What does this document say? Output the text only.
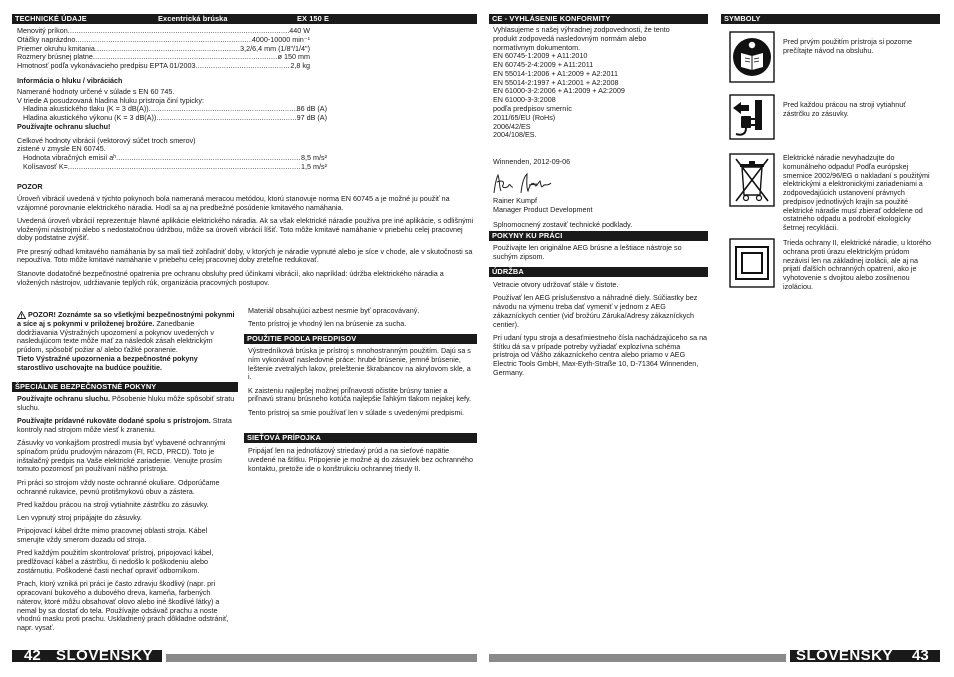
TECHNICKÉ ÚDAJE	Excentrická brúska	EX 150 E
Menovitý príkon .....	440 W
Otáčky naprázdno .....	4000-10000 min⁻¹
Priemer okruhu kmitania .....	3,2/6,4 mm (1/8"/1/4")
Rozmery brúsnej platne .....	ø 150 mm
Hmotnosť podľa vykonávacieho predpisu EPTA 01/2003 .....	2,8 kg
Informácia o hluku / vibráciách
Namerané hodnoty určené v súlade s EN 60 745.
V triede A posudzovaná hladina hluku prístroja činí typicky:
Hladina akustického tlaku (K = 3 dB(A)) .....	86 dB (A)
Hladina akustického výkonu (K = 3 dB(A)) .....	97 dB (A)
Používajte ochranu sluchu!
Celkové hodnoty vibrácií (vektorový súčet troch smerov)
zistené v zmysle EN 60745.
Hodnota vibračných emisií a h .....	8,5 m/s²
Kolísavosť K= .....	1,5 m/s²
POZOR

Úroveň vibrácií uvedená v týchto pokynoch bola nameraná meracou metódou, ktorú stanovuje norma EN 60745 a je možné ju použiť na vzájomné porovnanie elektrického náradia. Hodí sa aj na predbežné posúdenie kmitavého namáhania.

Uvedená úroveň vibrácií reprezentuje hlavné aplikácie elektrického náradia. Ak sa však elektrické náradie používa pre iné aplikácie, s odlišnými vloženými nástrojmi alebo s nedostatočnou údržbou, môže sa úroveň vibrácií líšiť. Toto môže kmitavé namáhanie v priebehu celej pracovnej doby podstatne zvýšiť.

Pre presný odhad kmitavého namáhania by sa mali tiež zohľadniť doby, v ktorých je náradie vypnuté alebo je síce v chode, ale v skutočnosti sa nepoužíva. Toto môže kmitavé namáhanie v priebehu celej pracovnej doby zreteľne redukovať.

Stanovte dodatočné bezpečnostné opatrenia pre ochranu obsluhy pred účinkami vibrácií, ako napríklad: údržba elektrického náradia a vložených nástrojov, udržiavanie teplých rúk, organizácia pracovných postupov.

POZOR! Zoznámte sa so všetkými bezpečnostnými pokynmi a síce aj s pokynmi v priloženej brožúre. Zanedbanie dodržiavania Výstražných upozornení a pokynov uvedených v nasledujúcom texte môže mať za následok zásah elektrickým prúdom, spôsobiť požiar a/ alebo ťažké poranenie.
Tieto Výstražné upozornenia a bezpečnostné pokyny starostlivo uschovajte na budúce použitie.
ŠPECIÁLNE BEZPEČNOSTNÉ POKYNY

Používajte ochranu sluchu. Pôsobenie hluku môže spôsobiť stratu sluchu.

Používajte prídavné rukoväte dodané spolu s prístrojom. Strata kontroly nad strojom môže viesť k zraneniu.

Zásuvky vo vonkajšom prostredí musia byť vybavené ochrannými spínačom prúdu prudovým nárazom (FI, RCD, PRCD). Toto je inštalačný predpis na Vaše elektrické zariadenie. Venujte prosím tomuto pozornosť pri používaní nášho prístroja.

Pri práci so strojom vždy noste ochranné okuliare. Odporúčame ochranné rukavice, pevnú protišmykovú obuv a zástera.

Pred každou prácou na stroji vytiahnite zástrčku zo zásuvky.

Len vypnutý stroj pripájajte do zásuvky.

Pripojovací kábel držte mimo pracovnej oblasti stroja. Kábel smerujte vždy smerom dozadu od stroja.

Pred každým použitím skontrolovať prístroj, pripojovací kábel, predlžovací kábel a zástrčku, či nedošlo k poškodeniu alebo zostárnutiu. Poškodené časti nechať opraviť odborníkom.

Prach, ktorý vzniká pri práci je často zdravju škodlivý (napr. pri opracovaní bukového a dubového dreva, kameňa, farbených náterov, ktoré môžu obsahovať olovo alebo iné škodlivé látky) a nemal by sa dostať do tela. Používajte odsávač prachu a noste vhodnú masku proti prachu. Uskladnený prach dôkladne odstrániť, napr. vysať.

Materiál obsahujúci azbest nesmie byť opracovávaný.

Tento prístroj je vhodný len na brúsenie za sucha.

POUŽITIE PODĽA PREDPISOV

Výstredníková brúska je prístroj s mnohostranným použitím. Dajú sa s ním vykonávať nasledovné práce: hrubé brúsenie, jemné brúsenie, leštenie zvetralých lakov, preleštenie škrabancov na akrylovom skle, a i.

K zaisteniu najlepšej možnej priľnavosti očistite brúsny tanier a priľnavú stranu brúsneho kotúča najlepšie ľahkým tlakom nejakej kefy.

Tento prístroj sa smie používať len v súlade s uvedenými predpismi.

SIEŤOVÁ PRÍPOJKA

Pripájať len na jednofázový striedavý prúd a na sieťové napätie uvedené na štítku. Pripojenie je možné aj do zásuviek bez ochranného kontaktu, pretože ide o konštrukciu ochrannej triedy II.

42 SLOVENSKY
CE - VYHLÁSENIE KONFORMITY
Vyhlasujeme s našej výhradnej zodpovednosti, že tento
produkt zodpovedá nasledovným normám alebo
normatívnym dokumentom.
EN 60745-1:2009 + A11:2010
EN 60745-2-4:2009 + A11:2011
EN 55014-1:2006 + A1:2009 + A2:2011
EN 55014-2:1997 + A1:2001 + A2:2008
EN 61000-3-2:2006 + A1:2009 + A2:2009
EN 61000-3-3:2008
podľa predpisov smerníc
2011/65/EU (RoHs)
2006/42/ES
2004/108/ES.
Winnenden, 2012-09-06
Rainer Kumpf
Manager Product Development
Splnomocnený zostaviť technické podklady.
POKYNY KU PRÁCI
Používajte len originálne AEG brúsne a leštiace nástroje so suchým zipsom.
ÚDRŽBA

Vetracie otvory udržovať stále v čistote.

Používať len AEG príslušenstvo a náhradné diely. Súčiastky bez návodu na výmenu treba dať vymeniť v jednom z AEG zákazníckych centier (viď brožúru Záruka/Adresy zákazníckych centier).

Pri udaní typu stroja a desaťmiestneho čísla nachádzajúceho sa na štítku dá sa v prípade potreby vyžiadať explozívna schéma prístroja od Vášho zákazníckeho centra alebo priamo v AEG Electric Tools GmbH, Max-Eyth-Straße 10, D-71364 Winnenden, Germany.

SYMBOLY
Pred prvým použitím prístroja si pozorne prečítajte návod na obsluhu.
Pred každou prácou na stroji vytiahnuť zástrčku zo zásuvky.
Elektrické náradie nevyhadzujte do komunálneho odpadu! Podľa európskej smernice 2002/96/EG o nakladaní s použitými elektrickými a elektronickými zariadeniami a zodpovedajúcich ustanovení právnych predpisov jednotlivých krajín sa použité elektrické náradie musí zbierať oddelene od ostatného odpadu a podrobiť ekologicky šetrnej recyklácii.
Trieda ochrany II, elektrické náradie, u ktorého ochrana proti úrazu elektrickým prúdom nezávisí len na základnej izolácii, ale aj na prijatí ďalších ochranných opatrení, ako je vyhotovenie s dvojitou alebo zosilnenou izoláciou.
SLOVENSKY 43
